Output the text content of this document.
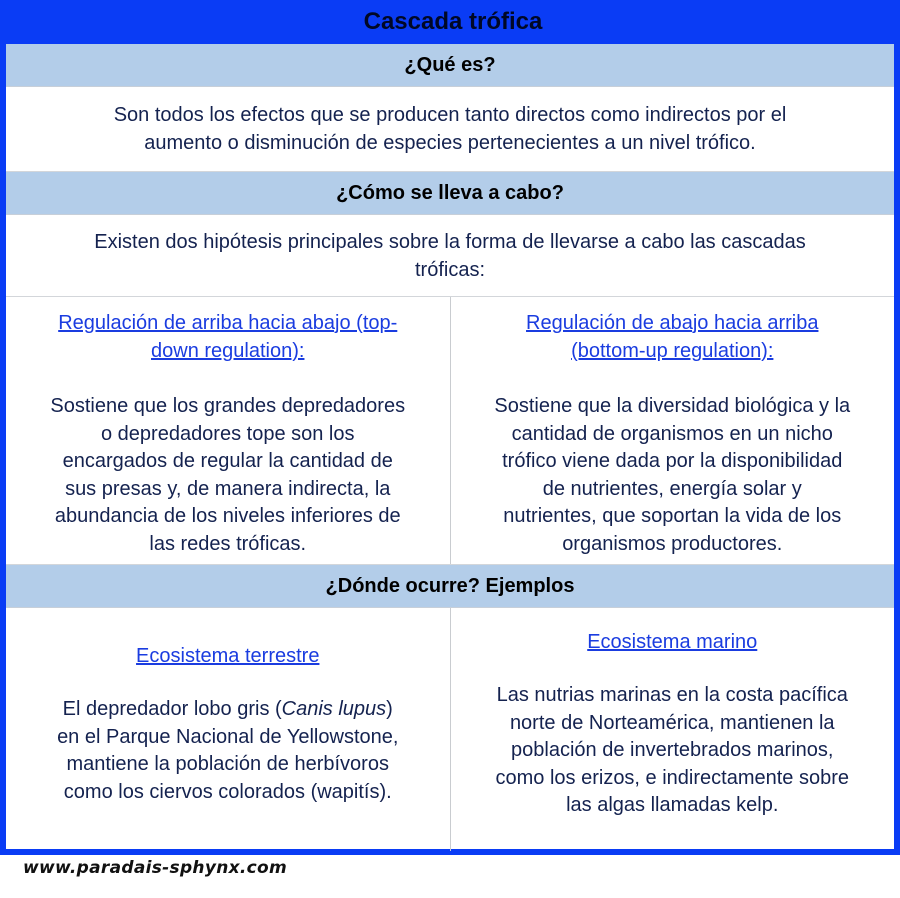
Cascada trófica
¿Qué es?
Son todos los efectos que se producen tanto directos como indirectos por el
aumento o disminución de especies pertenecientes a un nivel trófico.
¿Cómo se lleva a cabo?
Existen dos hipótesis principales sobre la forma de llevarse a cabo las cascadas
tróficas:
Regulación de arriba hacia abajo (top-
down regulation):
Sostiene que los grandes depredadores
o depredadores tope son los
encargados de regular la cantidad de
sus presas y, de manera indirecta, la
abundancia de los niveles inferiores de
las redes tróficas.
Regulación de abajo hacia arriba
(bottom-up regulation):
Sostiene que la diversidad biológica y la
cantidad de organismos en un nicho
trófico viene dada por la disponibilidad
de nutrientes, energía solar y
nutrientes, que soportan la vida de los
organismos productores.
¿Dónde ocurre? Ejemplos
Ecosistema terrestre
El depredador lobo gris (Canis lupus)
en el Parque Nacional de Yellowstone,
mantiene la población de herbívoros
como los ciervos colorados (wapitís).
Ecosistema marino
Las nutrias marinas en la costa pacífica
norte de Norteamérica, mantienen la
población de invertebrados marinos,
como los erizos, e indirectamente sobre
las algas llamadas kelp.
www.paradais-sphynx.com
